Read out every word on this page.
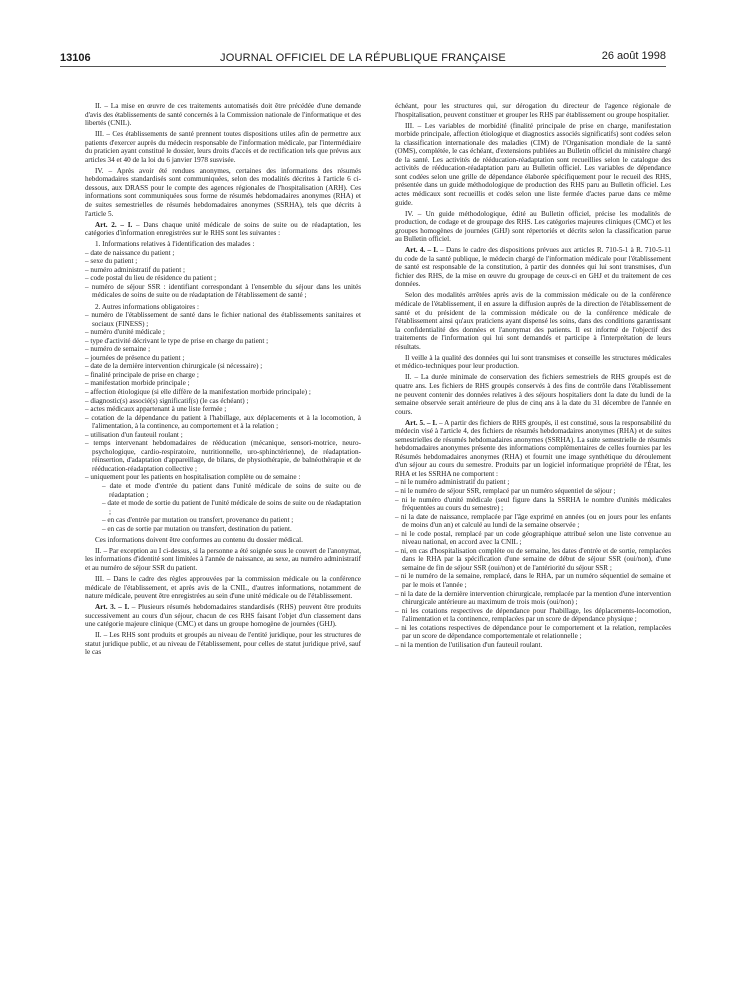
13106	JOURNAL OFFICIEL DE LA RÉPUBLIQUE FRANÇAISE	26 août 1998

II. – La mise en œuvre de ces traitements automatisés doit être précédée d'une demande d'avis des établissements de santé concernés à la Commission nationale de l'informatique et des libertés (CNIL).

III. – Ces établissements de santé prennent toutes dispositions utiles afin de permettre aux patients d'exercer auprès du médecin responsable de l'information médicale, par l'intermédiaire du praticien ayant constitué le dossier, leurs droits d'accès et de rectification tels que prévus aux articles 34 et 40 de la loi du 6 janvier 1978 susvisée.

IV. – Après avoir été rendues anonymes, certaines des informations des résumés hebdomadaires standardisés sont communiquées, selon des modalités décrites à l'article 6 ci-dessous, aux DRASS pour le compte des agences régionales de l'hospitalisation (ARH). Ces informations sont communiquées sous forme de résumés hebdomadaires anonymes (RHA) et de suites semestrielles de résumés hebdomadaires anonymes (SSRHA), tels que décrits à l'article 5.

Art. 2. – I. – Dans chaque unité médicale de soins de suite ou de réadaptation, les catégories d'information enregistrées sur le RHS sont les suivantes :

1. Informations relatives à l'identification des malades :

– date de naissance du patient ;

– sexe du patient ;

– numéro administratif du patient ;

– code postal du lieu de résidence du patient ;

– numéro de séjour SSR : identifiant correspondant à l'ensemble du séjour dans les unités médicales de soins de suite ou de réadaptation de l'établissement de santé ;

2. Autres informations obligatoires :

– numéro de l'établissement de santé dans le fichier national des établissements sanitaires et sociaux (FINESS) ;

– numéro d'unité médicale ;

– type d'activité décrivant le type de prise en charge du patient ;

– numéro de semaine ;

– journées de présence du patient ;

– date de la dernière intervention chirurgicale (si nécessaire) ;

– finalité principale de prise en charge ;

– manifestation morbide principale ;

– affection étiologique (si elle diffère de la manifestation morbide principale) ;

– diagnostic(s) associé(s) significatif(s) (le cas échéant) ;

– actes médicaux appartenant à une liste fermée ;

– cotation de la dépendance du patient à l'habillage, aux déplacements et à la locomotion, à l'alimentation, à la continence, au comportement et à la relation ;

– utilisation d'un fauteuil roulant ;

– temps intervenant hebdomadaires de rééducation (mécanique, sensori-motrice, neuro-psychologique, cardio-respiratoire, nutritionnelle, uro-sphinctérienne), de réadaptation-réinsertion, d'adaptation d'appareillage, de bilans, de physiothérapie, de balnéothérapie et de rééducation-réadaptation collective ;

– uniquement pour les patients en hospitalisation complète ou de semaine :

– date et mode d'entrée du patient dans l'unité médicale de soins de suite ou de réadaptation ;

– date et mode de sortie du patient de l'unité médicale de soins de suite ou de réadaptation ;

– en cas d'entrée par mutation ou transfert, provenance du patient ;

– en cas de sortie par mutation ou transfert, destination du patient.

Ces informations doivent être conformes au contenu du dossier médical.

II. – Par exception au I ci-dessus, si la personne a été soignée sous le couvert de l'anonymat, les informations d'identité sont limitées à l'année de naissance, au sexe, au numéro administratif et au numéro de séjour SSR du patient.

III. – Dans le cadre des règles approuvées par la commission médicale ou la conférence médicale de l'établissement, et après avis de la CNIL, d'autres informations, notamment de nature médicale, peuvent être enregistrées au sein d'une unité médicale ou de l'établissement.

Art. 3. – I. – Plusieurs résumés hebdomadaires standardisés (RHS) peuvent être produits successivement au cours d'un séjour, chacun de ces RHS faisant l'objet d'un classement dans une catégorie majeure clinique (CMC) et dans un groupe homogène de journées (GHJ).

II. – Les RHS sont produits et groupés au niveau de l'entité juridique, pour les structures de statut juridique public, et au niveau de l'établissement, pour celles de statut juridique privé, sauf le cas

échéant, pour les structures qui, sur dérogation du directeur de l'agence régionale de l'hospitalisation, peuvent constituer et grouper les RHS par établissement ou groupe hospitalier.

III. – Les variables de morbidité (finalité principale de prise en charge, manifestation morbide principale, affection étiologique et diagnostics associés significatifs) sont codées selon la classification internationale des maladies (CIM) de l'Organisation mondiale de la santé (OMS), complétée, le cas échéant, d'extensions publiées au Bulletin officiel du ministère chargé de la santé. Les activités de rééducation-réadaptation sont recueillies selon le catalogue des activités de rééducation-réadaptation paru au Bulletin officiel. Les variables de dépendance sont codées selon une grille de dépendance élaborée spécifiquement pour le recueil des RHS, présentée dans un guide méthodologique de production des RHS paru au Bulletin officiel. Les actes médicaux sont recueillis et codés selon une liste fermée d'actes parue dans ce même guide.

IV. – Un guide méthodologique, édité au Bulletin officiel, précise les modalités de production, de codage et de groupage des RHS. Les catégories majeures cliniques (CMC) et les groupes homogènes de journées (GHJ) sont répertoriés et décrits selon la classification parue au Bulletin officiel.

Art. 4. – I. – Dans le cadre des dispositions prévues aux articles R. 710-5-1 à R. 710-5-11 du code de la santé publique, le médecin chargé de l'information médicale pour l'établissement de santé est responsable de la constitution, à partir des données qui lui sont transmises, d'un fichier des RHS, de la mise en œuvre du groupage de ceux-ci en GHJ et du traitement de ces données.

Selon des modalités arrêtées après avis de la commission médicale ou de la conférence médicale de l'établissement, il en assure la diffusion auprès de la direction de l'établissement de santé et du président de la commission médicale ou de la conférence médicale de l'établissement ainsi qu'aux praticiens ayant dispensé les soins, dans des conditions garantissant la confidentialité des données et l'anonymat des patients. Il est informé de l'objectif des traitements de l'information qui lui sont demandés et participe à l'interprétation de leurs résultats.

Il veille à la qualité des données qui lui sont transmises et conseille les structures médicales et médico-techniques pour leur production.

II. – La durée minimale de conservation des fichiers semestriels de RHS groupés est de quatre ans. Les fichiers de RHS groupés conservés à des fins de contrôle dans l'établissement ne peuvent contenir des données relatives à des séjours hospitaliers dont la date du lundi de la semaine observée serait antérieure de plus de cinq ans à la date du 31 décembre de l'année en cours.

Art. 5. – I. – A partir des fichiers de RHS groupés, il est constitué, sous la responsabilité du médecin visé à l'article 4, des fichiers de résumés hebdomadaires anonymes (RHA) et de suites semestrielles de résumés hebdomadaires anonymes (SSRHA). La suite semestrielle de résumés hebdomadaires anonymes présente des informations complémentaires de celles fournies par les Résumés hebdomadaires anonymes (RHA) et fournit une image synthétique du déroulement d'un séjour au cours du semestre. Produits par un logiciel informatique propriété de l'État, les RHA et les SSRHA ne comportent :

– ni le numéro administratif du patient ;

– ni le numéro de séjour SSR, remplacé par un numéro séquentiel de séjour ;

– ni le numéro d'unité médicale (seul figure dans la SSRHA le nombre d'unités médicales fréquentées au cours du semestre) ;

– ni la date de naissance, remplacée par l'âge exprimé en années (ou en jours pour les enfants de moins d'un an) et calculé au lundi de la semaine observée ;

– ni le code postal, remplacé par un code géographique attribué selon une liste convenue au niveau national, en accord avec la CNIL ;

– ni, en cas d'hospitalisation complète ou de semaine, les dates d'entrée et de sortie, remplacées dans le RHA par la spécification d'une semaine de début de séjour SSR (oui/non), d'une semaine de fin de séjour SSR (oui/non) et de l'antériorité du séjour SSR ;

– ni le numéro de la semaine, remplacé, dans le RHA, par un numéro séquentiel de semaine et par le mois et l'année ;

– ni la date de la dernière intervention chirurgicale, remplacée par la mention d'une intervention chirurgicale antérieure au maximum de trois mois (oui/non) ;

– ni les cotations respectives de dépendance pour l'habillage, les déplacements-locomotion, l'alimentation et la continence, remplacées par un score de dépendance physique ;

– ni les cotations respectives de dépendance pour le comportement et la relation, remplacées par un score de dépendance comportementale et relationnelle ;

– ni la mention de l'utilisation d'un fauteuil roulant.
